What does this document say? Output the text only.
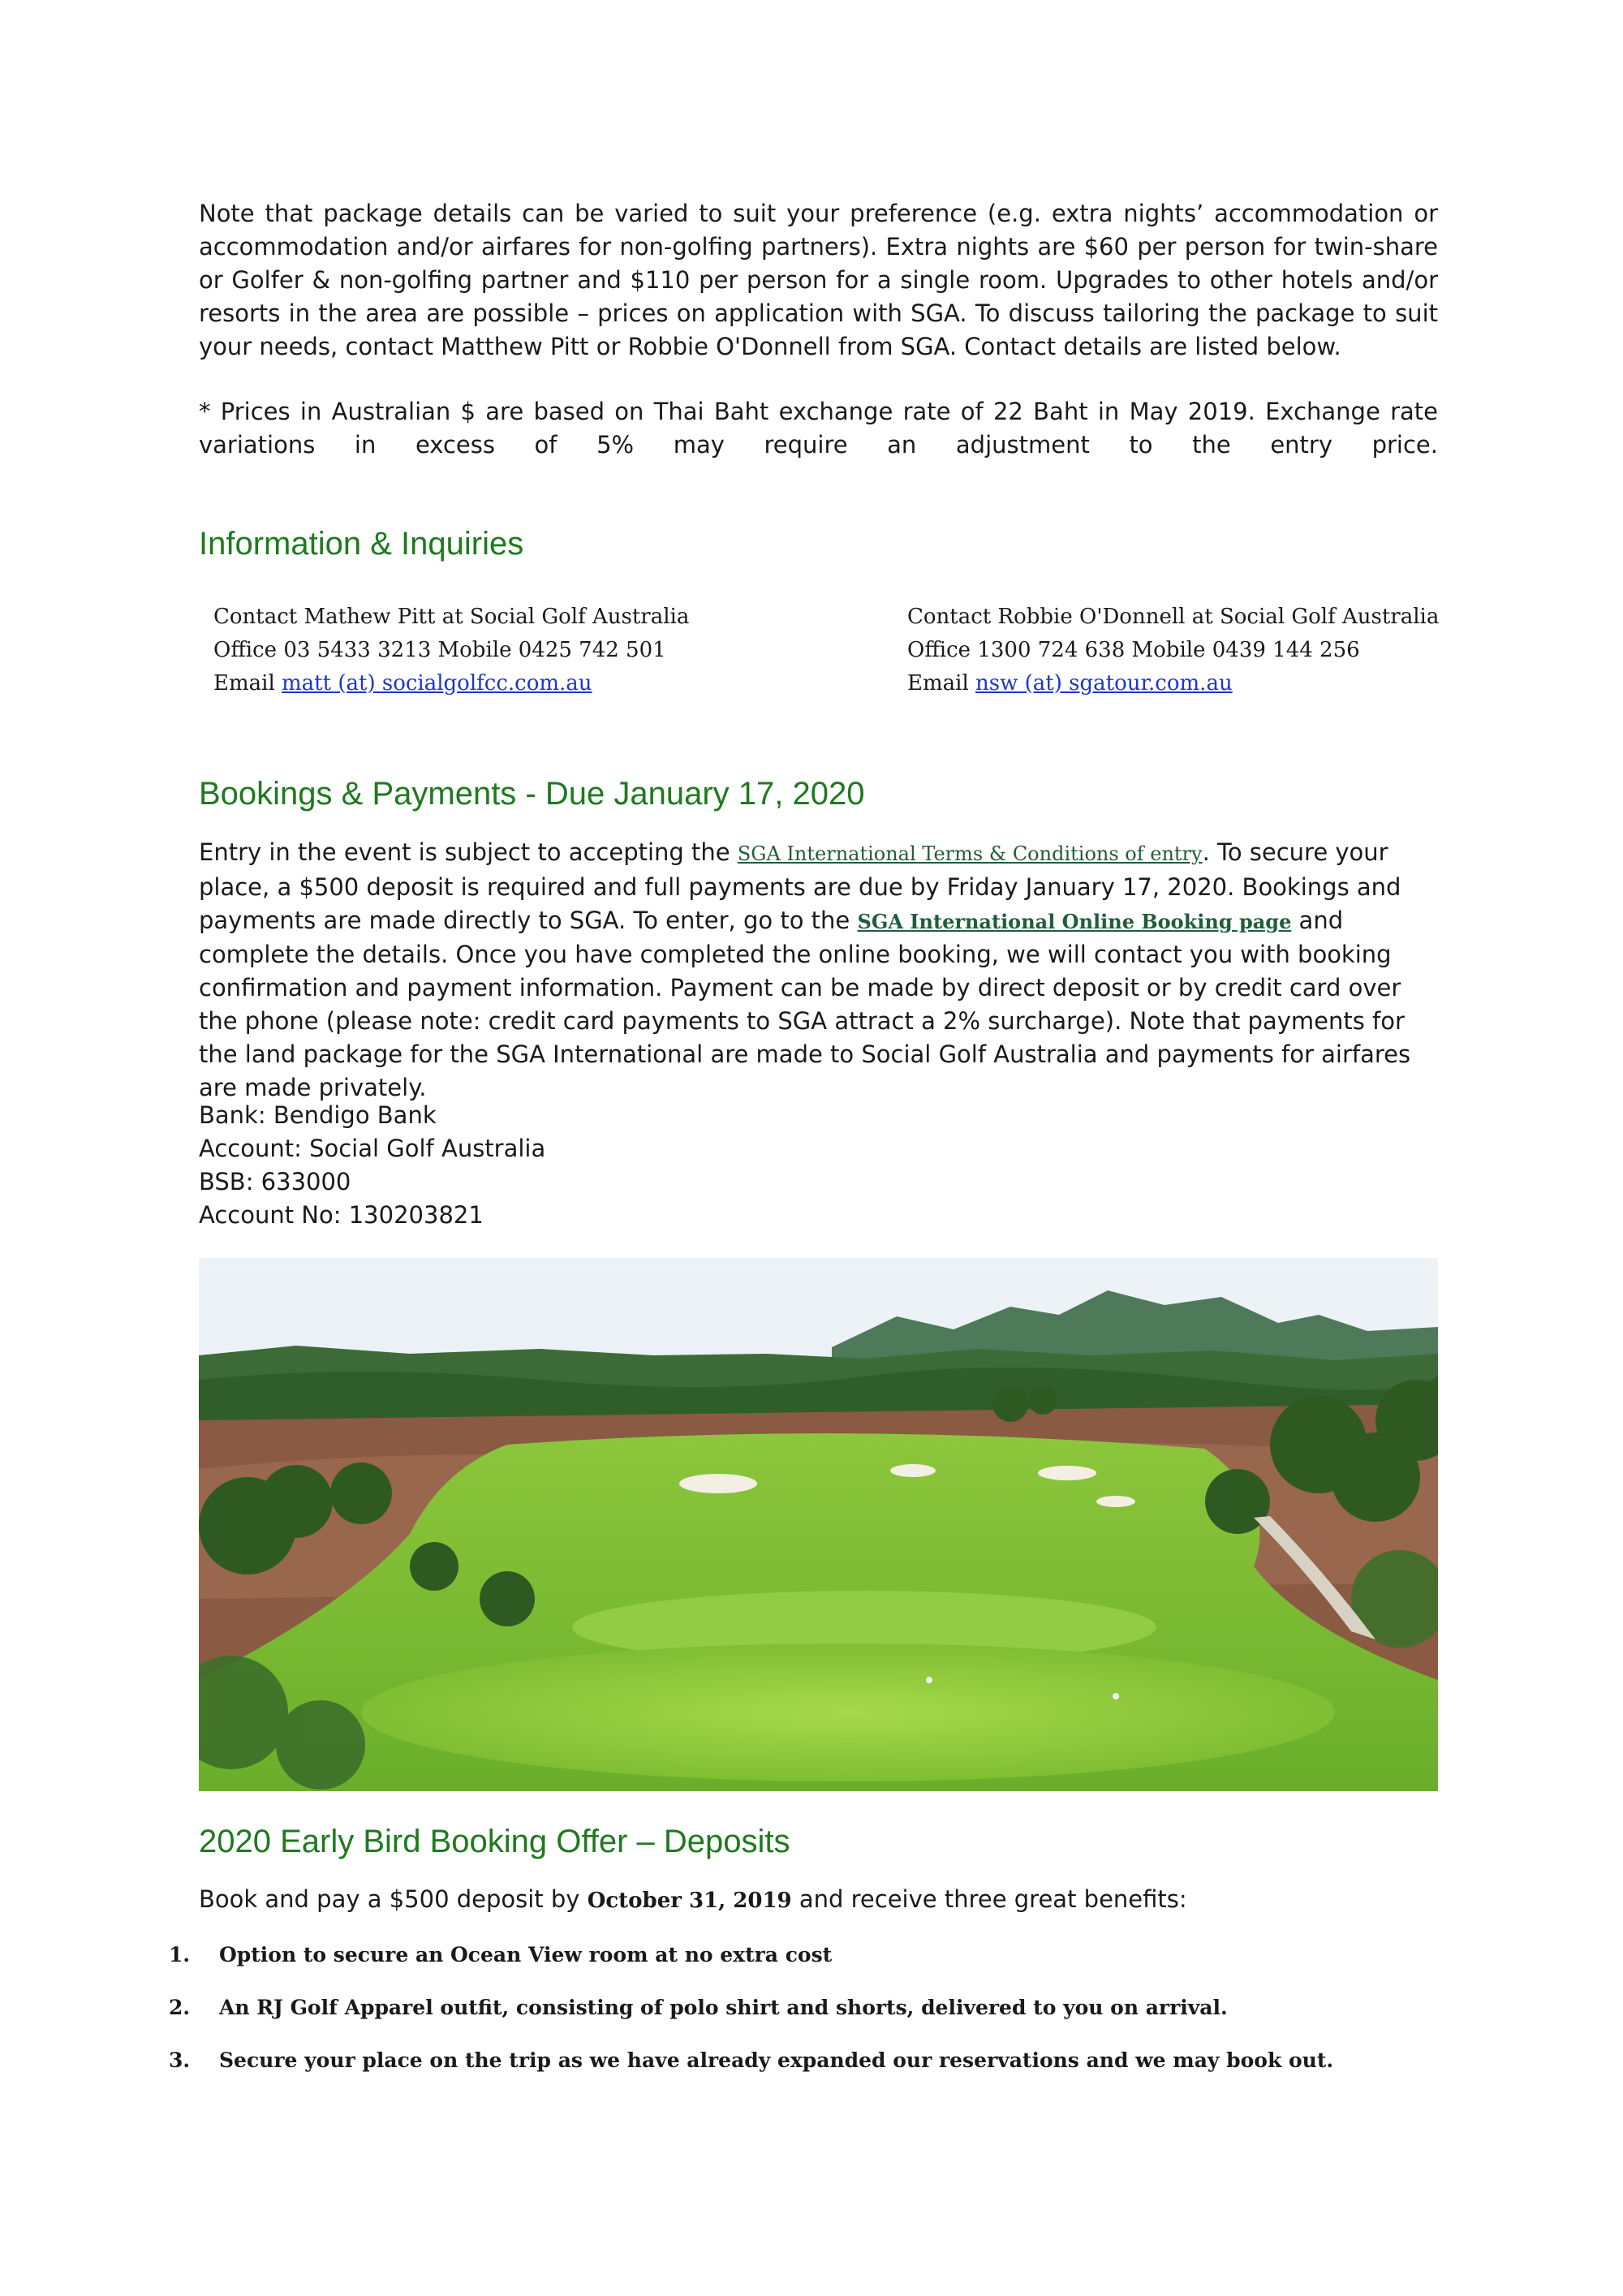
Note that package details can be varied to suit your preference (e.g. extra nights’ accommodation or accommodation and/or airfares for non-golfing partners). Extra nights are $60 per person for twin-share or Golfer & non-golfing partner and $110 per person for a single room. Upgrades to other hotels and/or resorts in the area are possible – prices on application with SGA. To discuss tailoring the package to suit your needs, contact Matthew Pitt or Robbie O'Donnell from SGA. Contact details are listed below.

* Prices in Australian $ are based on Thai Baht exchange rate of 22 Baht in May 2019. Exchange rate variations in excess of 5% may require an adjustment to the entry price.

Information & Inquiries
Contact Mathew Pitt at Social Golf Australia
Office 03 5433 3213 Mobile 0425 742 501
Email matt (at) socialgolfcc.com.au
Contact Robbie O'Donnell at Social Golf Australia
Office 1300 724 638 Mobile 0439 144 256
Email nsw (at) sgatour.com.au
Bookings & Payments - Due January 17, 2020

Entry in the event is subject to accepting the SGA International Terms & Conditions of entry. To secure your place, a $500 deposit is required and full payments are due by Friday January 17, 2020. Bookings and payments are made directly to SGA. To enter, go to the SGA International Online Booking page and complete the details. Once you have completed the online booking, we will contact you with booking confirmation and payment information. Payment can be made by direct deposit or by credit card over the phone (please note: credit card payments to SGA attract a 2% surcharge). Note that payments for the land package for the SGA International are made to Social Golf Australia and payments for airfares are made privately.

Bank: Bendigo Bank
Account: Social Golf Australia
BSB: 633000
Account No: 130203821
2020 Early Bird Booking Offer – Deposits

Book and pay a $500 deposit by October 31, 2019 and receive three great benefits:

1. Option to secure an Ocean View room at no extra cost
2. An RJ Golf Apparel outfit, consisting of polo shirt and shorts, delivered to you on arrival.
3. Secure your place on the trip as we have already expanded our reservations and we may book out.
